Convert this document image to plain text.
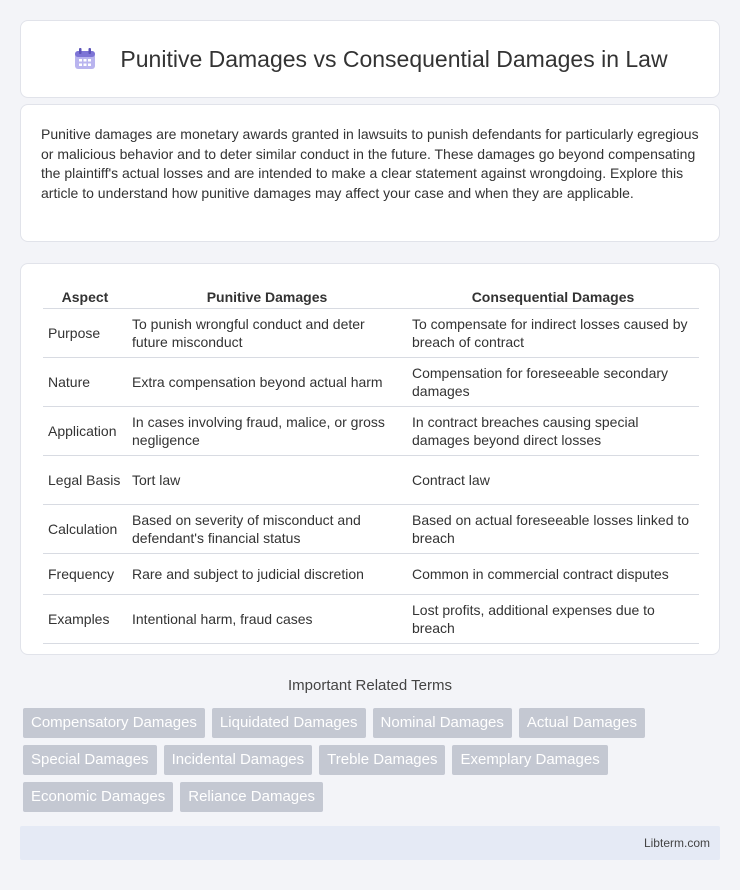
Punitive Damages vs Consequential Damages in Law

Punitive damages are monetary awards granted in lawsuits to punish defendants for particularly egregious or malicious behavior and to deter similar conduct in the future. These damages go beyond compensating the plaintiff's actual losses and are intended to make a clear statement against wrongdoing. Explore this article to understand how punitive damages may affect your case and when they are applicable.

Aspect	Punitive Damages	Consequential Damages
Purpose	To punish wrongful conduct and deter future misconduct	To compensate for indirect losses caused by breach of contract
Nature	Extra compensation beyond actual harm	Compensation for foreseeable secondary damages
Application	In cases involving fraud, malice, or gross negligence	In contract breaches causing special damages beyond direct losses
Legal Basis	Tort law	Contract law
Calculation	Based on severity of misconduct and defendant's financial status	Based on actual foreseeable losses linked to breach
Frequency	Rare and subject to judicial discretion	Common in commercial contract disputes
Examples	Intentional harm, fraud cases	Lost profits, additional expenses due to breach
Important Related Terms
Compensatory Damages	Liquidated Damages	Nominal Damages	Actual Damages
Special Damages	Incidental Damages	Treble Damages	Exemplary Damages
Economic Damages	Reliance Damages
Libterm.com
